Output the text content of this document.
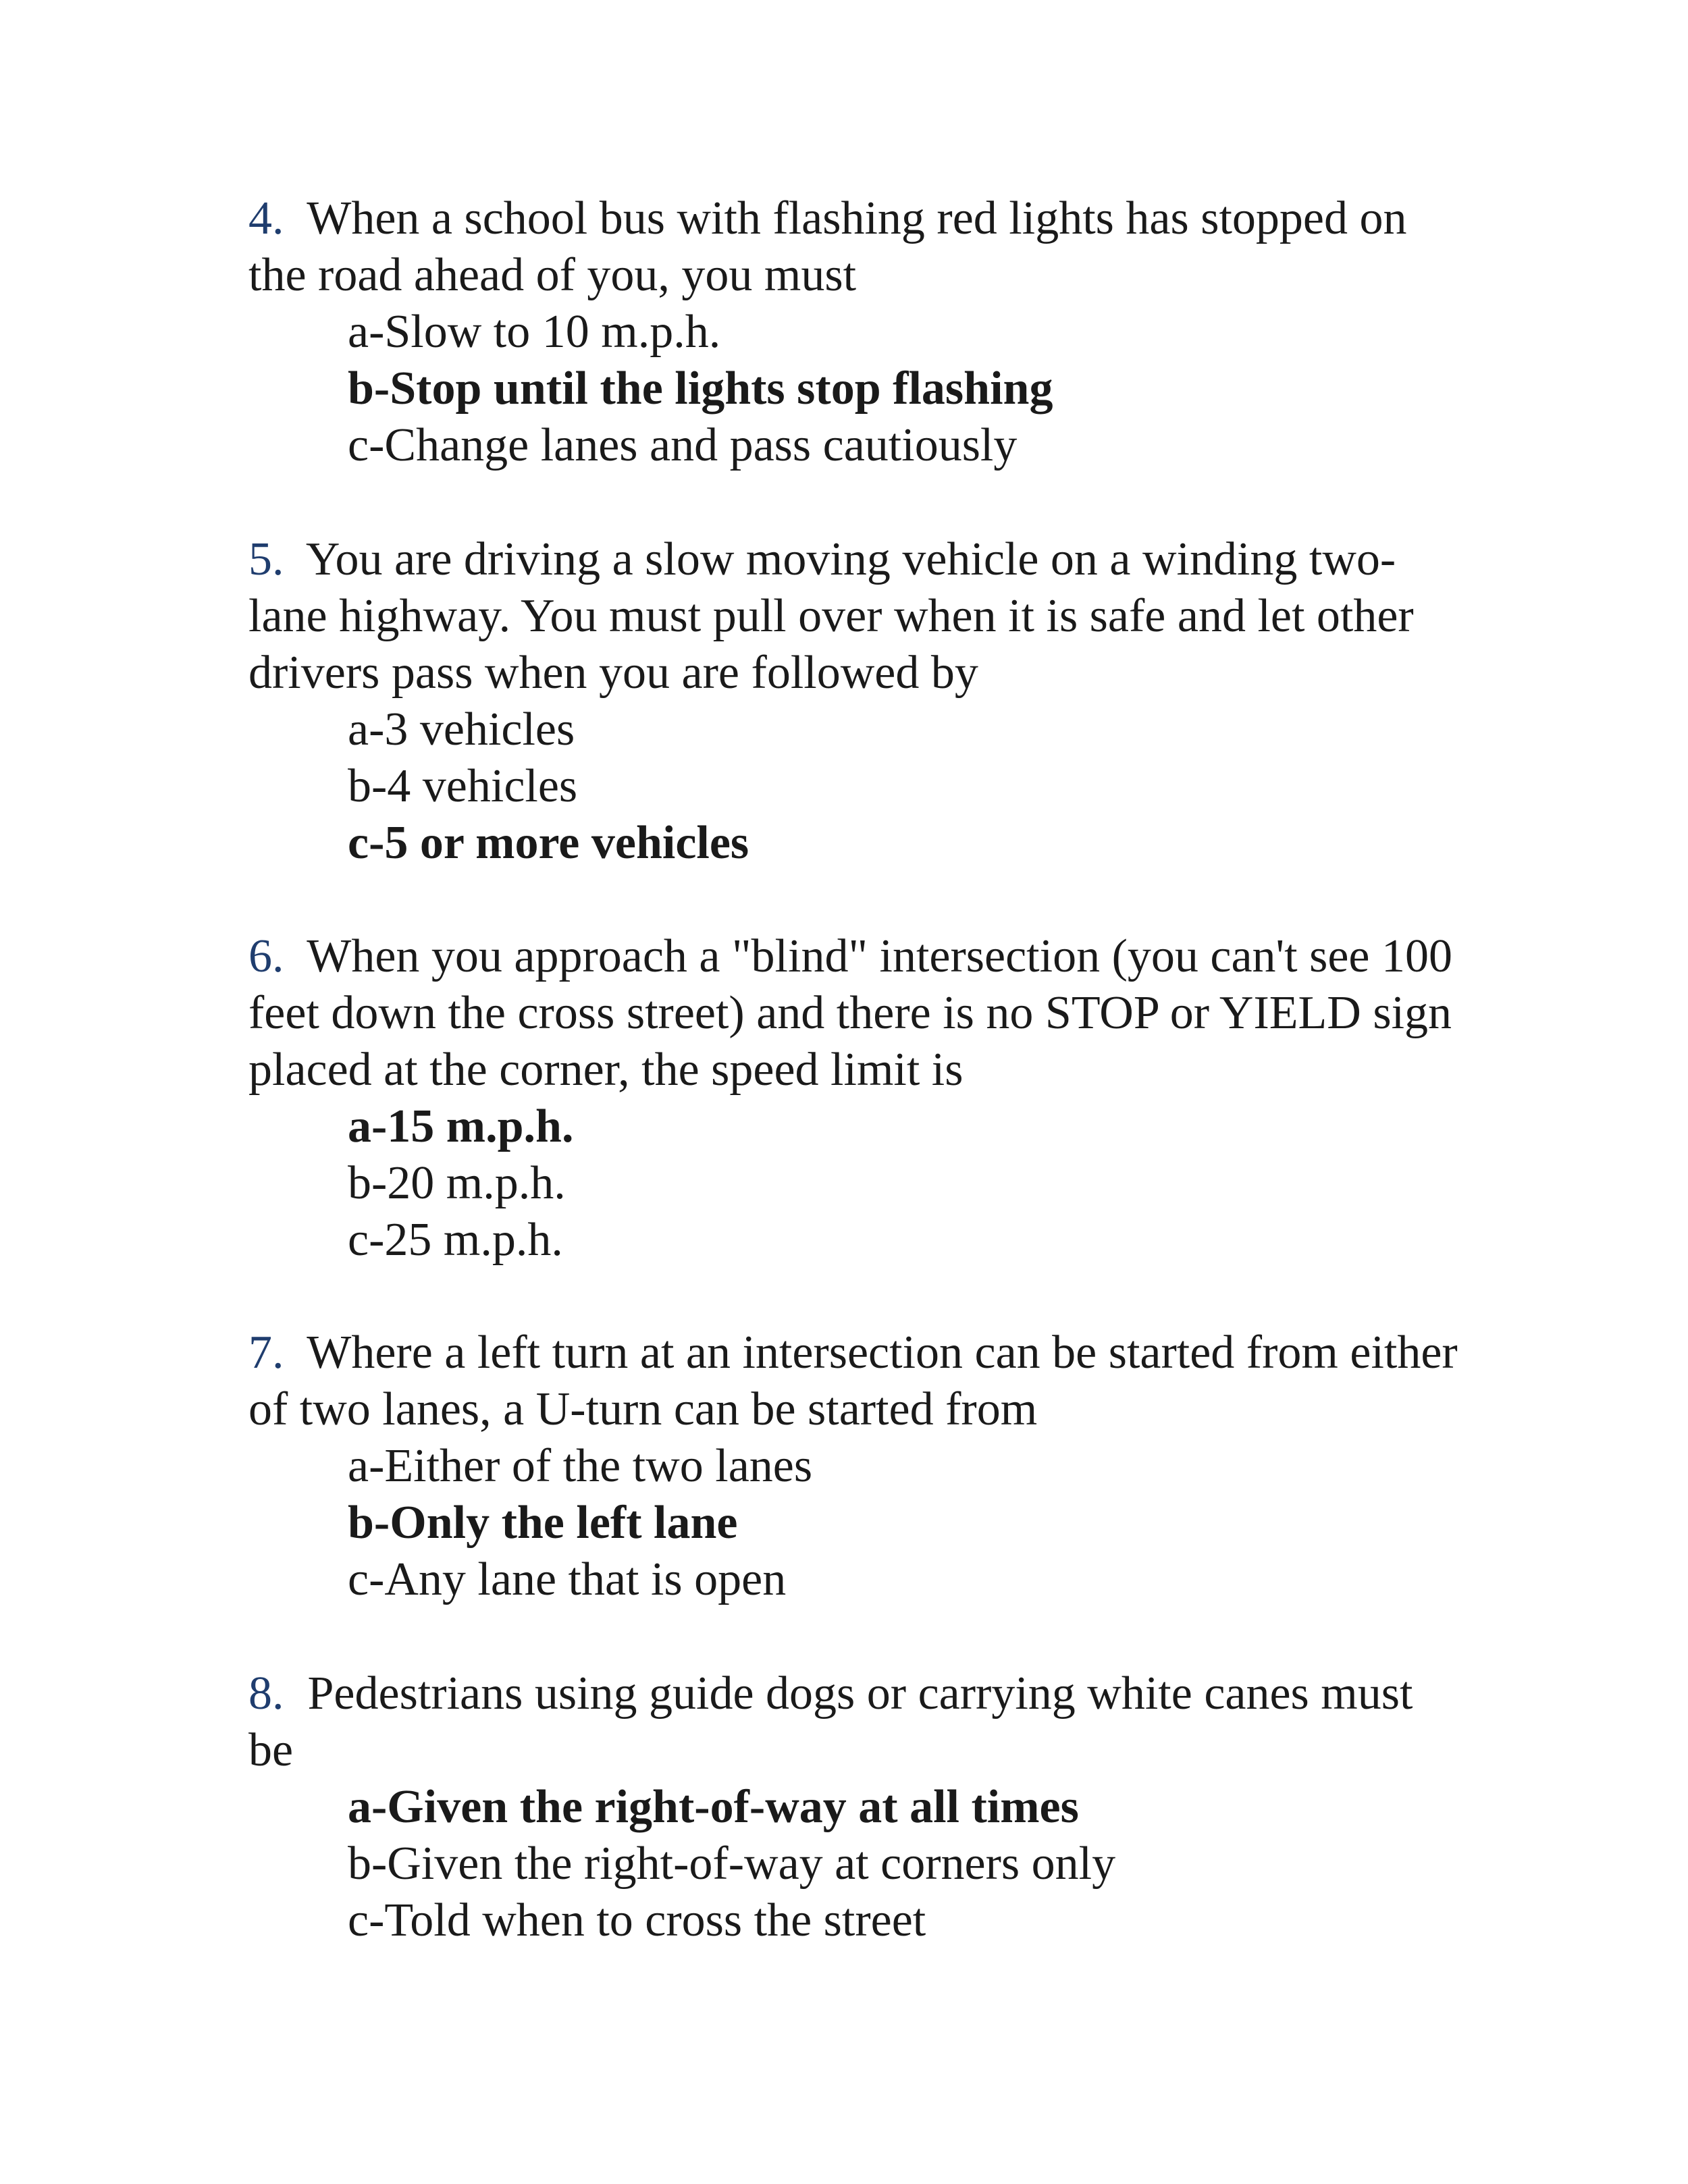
4. When a school bus with flashing red lights has stopped on the road ahead of you, you must

a-Slow to 10 m.p.h.
b-Stop until the lights stop flashing
c-Change lanes and pass cautiously

5. You are driving a slow moving vehicle on a winding two-lane highway. You must pull over when it is safe and let other drivers pass when you are followed by

a-3 vehicles
b-4 vehicles
c-5 or more vehicles

6. When you approach a "blind" intersection (you can't see 100 feet down the cross street) and there is no STOP or YIELD sign placed at the corner, the speed limit is

a-15 m.p.h.
b-20 m.p.h.
c-25 m.p.h.

7. Where a left turn at an intersection can be started from either of two lanes, a U-turn can be started from

a-Either of the two lanes
b-Only the left lane
c-Any lane that is open

8. Pedestrians using guide dogs or carrying white canes must be

a-Given the right-of-way at all times
b-Given the right-of-way at corners only
c-Told when to cross the street
